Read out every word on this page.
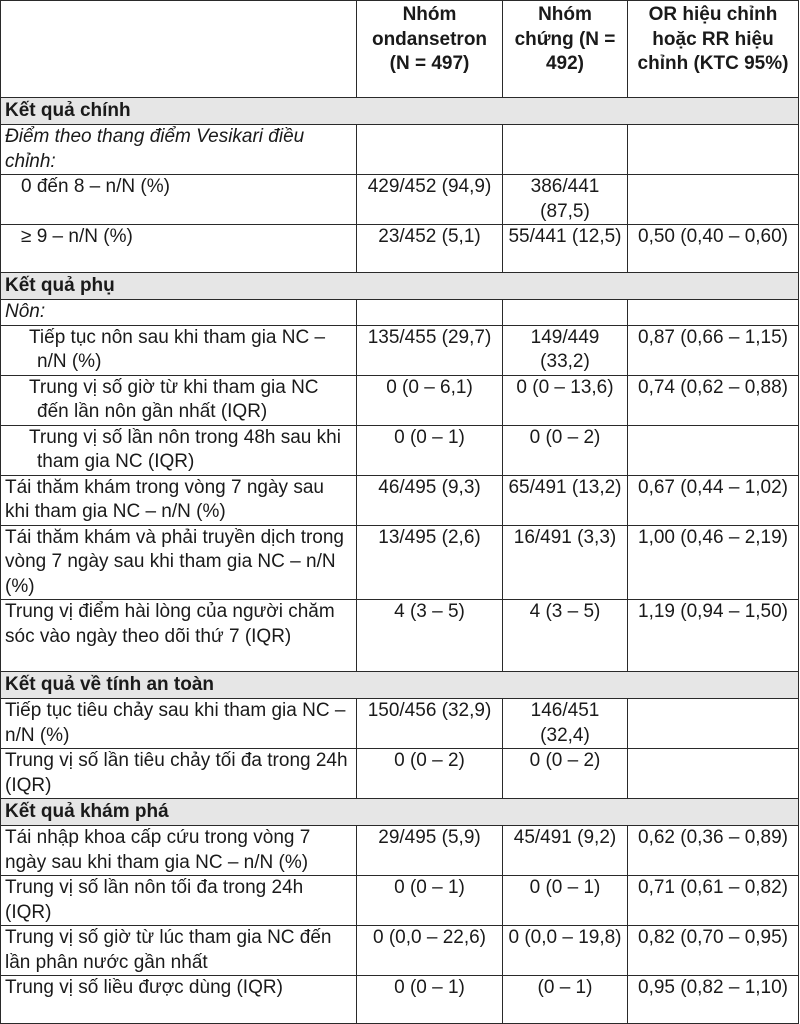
	Nhóm ondansetron (N = 497)	Nhóm chứng (N = 492)	OR hiệu chỉnh hoặc RR hiệu chỉnh (KTC 95%)
Kết quả chính			
Điểm theo thang điểm Vesikari điều chỉnh:			
0 đến 8 – n/N (%)	429/452 (94,9)	386/441 (87,5)	
≥ 9 – n/N (%)	23/452 (5,1)	55/441 (12,5)	0,50 (0,40 – 0,60)
Kết quả phụ			
Nôn:			
Tiếp tục nôn sau khi tham gia NC – n/N (%)	135/455 (29,7)	149/449 (33,2)	0,87 (0,66 – 1,15)
Trung vị số giờ từ khi tham gia NC đến lần nôn gần nhất (IQR)	0 (0 – 6,1)	0 (0 – 13,6)	0,74 (0,62 – 0,88)
Trung vị số lần nôn trong 48h sau khi tham gia NC (IQR)	0 (0 – 1)	0 (0 – 2)	
Tái thăm khám trong vòng 7 ngày sau khi tham gia NC – n/N (%)	46/495 (9,3)	65/491 (13,2)	0,67 (0,44 – 1,02)
Tái thăm khám và phải truyền dịch trong vòng 7 ngày sau khi tham gia NC – n/N (%)	13/495 (2,6)	16/491 (3,3)	1,00 (0,46 – 2,19)
Trung vị điểm hài lòng của người chăm sóc vào ngày theo dõi thứ 7 (IQR)	4 (3 – 5)	4 (3 – 5)	1,19 (0,94 – 1,50)
Kết quả về tính an toàn			
Tiếp tục tiêu chảy sau khi tham gia NC – n/N (%)	150/456 (32,9)	146/451 (32,4)	
Trung vị số lần tiêu chảy tối đa trong 24h (IQR)	0 (0 – 2)	0 (0 – 2)	
Kết quả khám phá			
Tái nhập khoa cấp cứu trong vòng 7 ngày sau khi tham gia NC – n/N (%)	29/495 (5,9)	45/491 (9,2)	0,62 (0,36 – 0,89)
Trung vị số lần nôn tối đa trong 24h (IQR)	0 (0 – 1)	0 (0 – 1)	0,71 (0,61 – 0,82)
Trung vị số giờ từ lúc tham gia NC đến lần phân nước gần nhất	0 (0,0 – 22,6)	0 (0,0 – 19,8)	0,82 (0,70 – 0,95)
Trung vị số liều được dùng (IQR)	0 (0 – 1)	(0 – 1)	0,95 (0,82 – 1,10)
